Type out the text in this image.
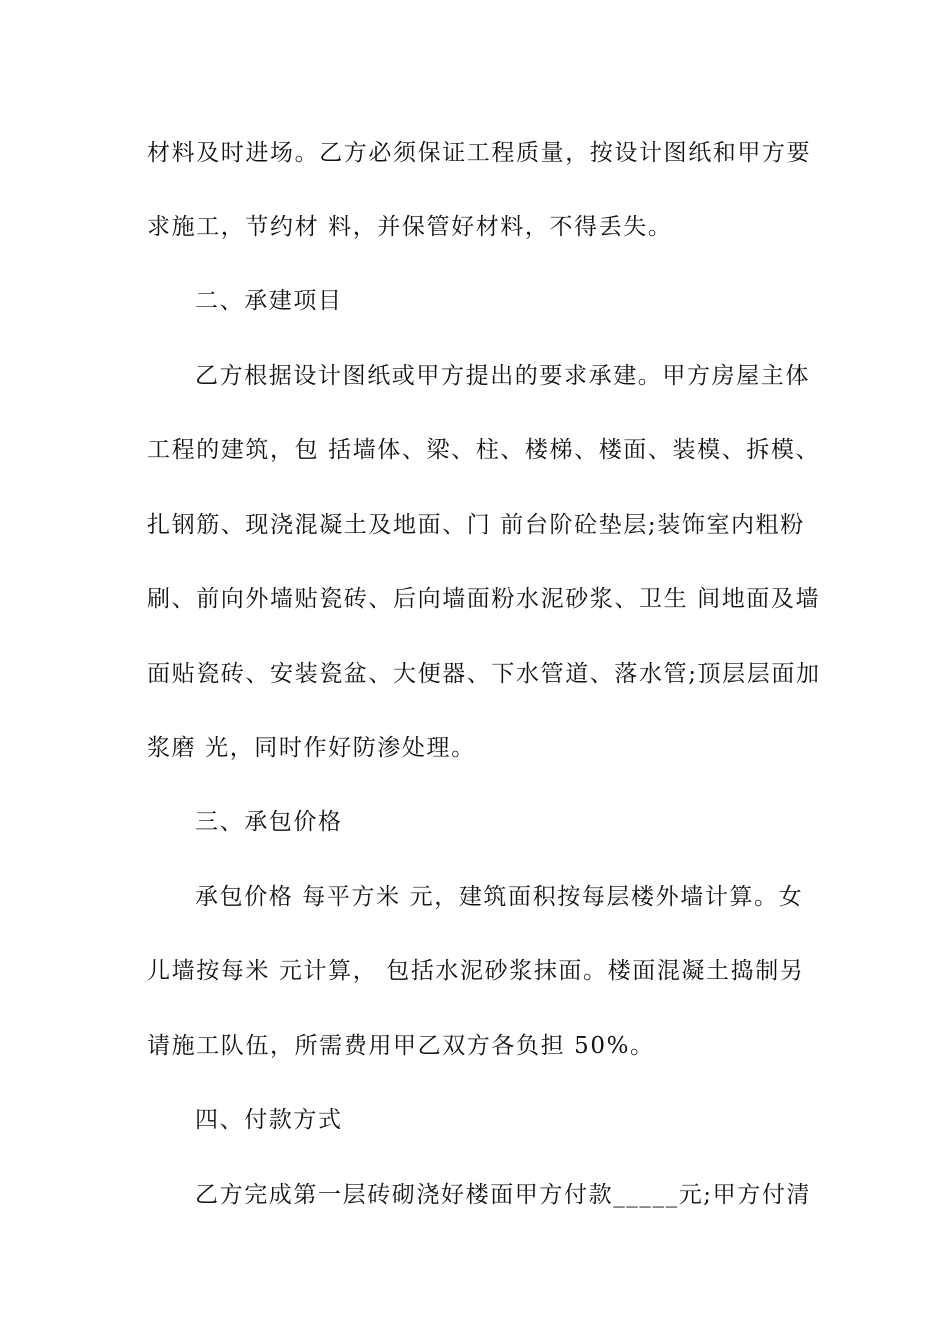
材料及时进场。乙方必须保证工程质量，按设计图纸和甲方要
求施工，节约材 料，并保管好材料，不得丢失。
二、承建项目
乙方根据设计图纸或甲方提出的要求承建。甲方房屋主体
工程的建筑，包 括墙体、梁、柱、楼梯、楼面、装模、拆模、
扎钢筋、现浇混凝土及地面、门 前台阶砼垫层;装饰室内粗粉
刷、前向外墙贴瓷砖、后向墙面粉水泥砂浆、卫生 间地面及墙
面贴瓷砖、安装瓷盆、大便器、下水管道、落水管;顶层层面加
浆磨 光，同时作好防渗处理。
三、承包价格
承包价格 每平方米 元，建筑面积按每层楼外墙计算。女
儿墙按每米 元计算， 包括水泥砂浆抹面。楼面混凝土捣制另
请施工队伍，所需费用甲乙双方各负担 50%。
四、付款方式
乙方完成第一层砖砌浇好楼面甲方付款_____元;甲方付清
